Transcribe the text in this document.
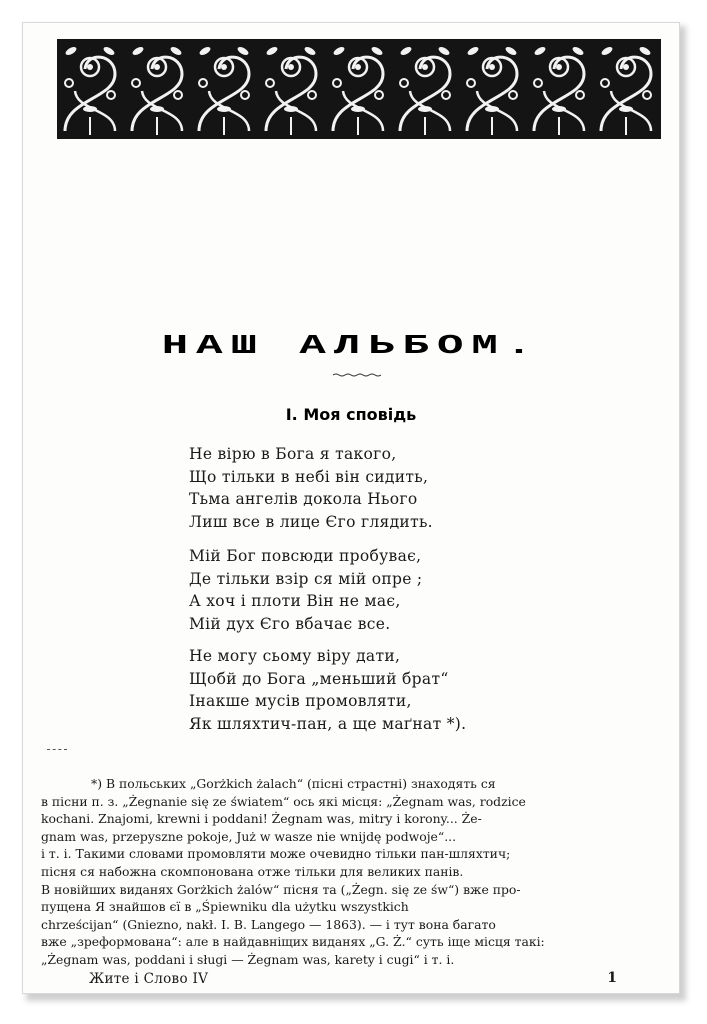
НАШ АЛЬБОМ.
І. Моя сповідь
Не вірю в Бога я такого,
Що тільки в небі він сидить,
Тьма ангелів докола Нього
Лиш все в лице Єго глядить.
Мій Бог повсюди пробуває,
Де тільки взір ся мій опре ;
А хоч і плоти Він не має,
Мій дух Єго вбачає все.
Не могу сьому віру дати,
Щобй до Бога „меньший брат“
Інакше мусів промовляти,
Як шляхтич-пан, а ще маґнат *).
*) В польських „Gorżkich żalach“ (пісні страстні) знаходять ся
в пісни п. з. „Żegnanie się ze światem“ ось які місця: „Żegnam was, rodzice
kochani. Znajomi, krewni i poddani! Żegnam was, mitry i korony... Że-
gnam was, przepyszne pokoje, Już w wasze nie wnijdę podwoje“...
і т. і. Такими словами промовляти може очевидно тільки пан-шляхтич;
пісня ся набожна скомпонована отже тільки для великих панів.
В новійших виданях Gorżkich żalów“ пісня та („Żegn. się ze św“) вже про-
пущена Я знайшов єї в „Śpiewniku dla użytku wszystkich
chrześcijan“ (Gniezno, nakł. I. B. Langego — 1863). — і тут вона багато
вже „зреформована“: але в найдавніщих виданях „G. Ż.“ суть іще місця такі:
„Żegnam was, poddani i sługi — Żegnam was, karety i cugi“ і т. і.
Жите і Слово IV	1
